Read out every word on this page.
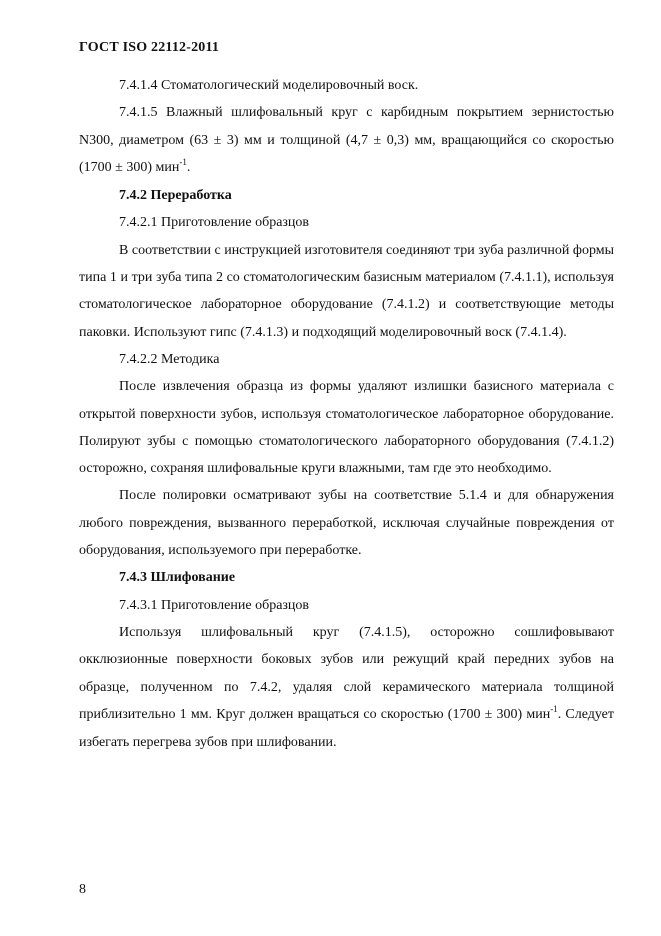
ГОСТ ISO 22112-2011

7.4.1.4 Стоматологический моделировочный воск.

7.4.1.5 Влажный шлифовальный круг с карбидным покрытием зернистостью N300, диаметром (63 ± 3) мм и толщиной (4,7 ± 0,3) мм, вращающийся со скоростью (1700 ± 300) мин$^{-1}$.

7.4.2 Переработка

7.4.2.1 Приготовление образцов

В соответствии с инструкцией изготовителя соединяют три зуба различной формы типа 1 и три зуба типа 2 со стоматологическим базисным материалом (7.4.1.1), используя стоматологическое лабораторное оборудование (7.4.1.2) и соответствующие методы паковки. Используют гипс (7.4.1.3) и подходящий моделировочный воск (7.4.1.4).

7.4.2.2 Методика

После извлечения образца из формы удаляют излишки базисного материала с открытой поверхности зубов, используя стоматологическое лабораторное оборудование. Полируют зубы с помощью стоматологического лабораторного оборудования (7.4.1.2) осторожно, сохраняя шлифовальные круги влажными, там где это необходимо.

После полировки осматривают зубы на соответствие 5.1.4 и для обнаружения любого повреждения, вызванного переработкой, исключая случайные повреждения от оборудования, используемого при переработке.

7.4.3 Шлифование

7.4.3.1 Приготовление образцов

Используя шлифовальный круг (7.4.1.5), осторожно сошлифовывают окклюзионные поверхности боковых зубов или режущий край передних зубов на образце, полученном по 7.4.2, удаляя слой керамического материала толщиной приблизительно 1 мм. Круг должен вращаться со скоростью (1700 ± 300) мин$^{-1}$. Следует избегать перегрева зубов при шлифовании.

8
